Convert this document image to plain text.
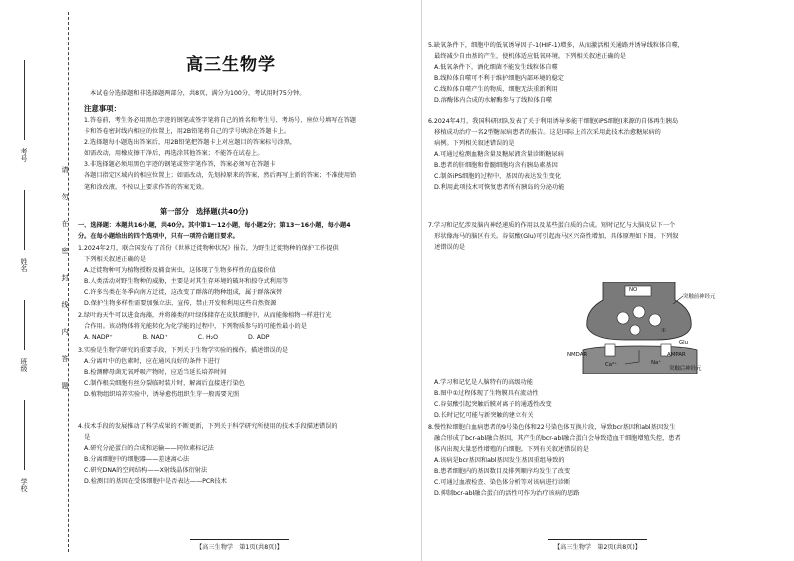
考号
姓名
班级
学校
请
勿
在
密
封
线
内
答
题
高三生物学
本试卷分选择题和非选择题两部分，共8页，满分为100分，考试用时75分钟。
注意事项：

1.答卷前，考生务必用黑色字迹的钢笔或签字笔将自己的姓名和考生号、考场号、座位号填写在答题

卡和答卷密封线内相应的位置上，用2B铅笔将自己的学号填涂在答题卡上。

2.选择题每小题选出答案后，用2B铅笔把答题卡上对应题目的答案标号涂黑，

如需改动，用橡皮擦干净后，再选涂其他答案；不能答在试卷上。

3.非选择题必须用黑色字迹的钢笔或签字笔作答，答案必须写在答题卡

各题目指定区域内的相应位置上；如需改动，先划掉原来的答案，然后再写上新的答案；不准使用铅

笔和涂改液。不按以上要求作答的答案无效。

第一部分　选择题(共40分)

一、选择题：本题共16小题，共40分。其中第1～12小题，每小题2分；第13～16小题，每小题4

分。在每小题给出的四个选项中，只有一项符合题目要求。

1.2024年2月，联合国发布了首份《世界迁徙物种状况》报告，为野生迁徙物种的保护工作提供

　下列相关叙述正确的是

A.迁徙物种可为植物授粉及捕食害虫，这体现了生物多样性的直接价值

B.人类活动对野生物种的威胁，主要是对其生存环境的破坏和掠夺式利用等

C.许多鸟类在冬季向南方迁徙，这改变了群落的物种组成，属于群落演替

D.保护生物多样性需要加强立法、宣传，禁止开发和利用这些自然资源

2.绿叶海天牛可以进食海藻，并将藻类的叶绿体储存在皮肤细胞中，从而能像植物一样进行光

　合作用。该动物体将光能转化为化学能的过程中，下列物质参与的可能性最小的是

A. NADP⁺	B. NAD⁺	C. H₂O	D. ADP

3.实验是生物学研究的重要手段，下列关于生物学实验的操作，描述错误的是

A.分离叶中的色素时，应在通风良好的条件下进行

B.检测酵母菌无氧呼吸产物时，应适当延长培养时间

C.制作根尖细胞有丝分裂临时装片时，解离后直接进行染色

D.植物组织培养实验中，诱导愈伤组织生芽一般需要光照

4.技术手段的发展推动了科学成果的不断更新，下列关于科学研究所使用的技术手段描述错误的

　是

A.研究分泌蛋白的合成和运输——同位素标记法

B.分离细胞中的细胞器——差速离心法

C.研究DNA的空间结构——X射线晶体衍射法

D.检测目的基因在受体细胞中是否表达——PCR技术

【高三生物学　第1页(共8页)】

5.缺氧条件下，细胞中的低氧诱导因子-1(HIF-1)增多，从而激活相关通路并诱导线粒体自噬，

　最终减少自由基的产生，使机体适应低氧环境。下列相关叙述正确的是

A.低氧条件下，酒化细菌不能发生线粒体自噬

B.线粒体自噬可不利于维护细胞内部环境的稳定

C.线粒体自噬产生的物质，细胞无法重新利用

D.溶酶体内合成的水解酶参与了线粒体自噬

6.2024年4月，我国科研团队发表了关于利用诱导多能干细胞(iPS细胞)来源的自体再生胰岛

　移植成功治疗一名2型糖尿病患者的报告。这是国际上首次采用此技术治愈糖尿病的

　病例。下列相关叙述错误的是

A.可通过检测血糖含量及糖尿液含量诊断糖尿病

B.患者的肝细胞和骨髓细胞均含有胰岛素基因

C.制备iPS细胞的过程中，基因的表达发生变化

D.利用此项技术可恢复患者所有胰岛的分泌功能

7.学习和记忆涉及脑内神经递质的作用以及某些蛋白质的合成。短时记忆与大脑皮层下一个

　形状像海马的脑区有关。谷氨酸(Glu)可引起海马区兴奋性增加，具体原理如下图。下列叙

　述错误的是

突触前神经元
突触后神经元
NMDAR	AMPAR
Glu
Na⁺
Ca²⁺
NO
①

A.学习和记忆是人脑特有的高级功能

B.图中①过程体现了生物膜具有流动性

C.谷氨酸引起突触后膜对离子的通透性改变

D.长时记忆可能与新突触的建立有关

8.慢性粒细胞白血病患者的9号染色体和22号染色体互换片段，导致bcr基因和abl基因发生

　融合形成了bcr-abl融合基因，其产生的bcr-abl融合蛋白会导致造血干细胞增殖失控，患者

　体内出现大量恶性增殖的白细胞。下列有关叙述错误的是

A.该病是bcr基因和abl基因发生基因重组导致的

B.患者细胞内的基因数目及排列顺序均发生了改变

C.可通过血液检查、染色体分析等对该病进行诊断

D.抑制bcr-abl融合蛋白的活性可作为治疗该病的思路

【高三生物学　第2页(共8页)】
